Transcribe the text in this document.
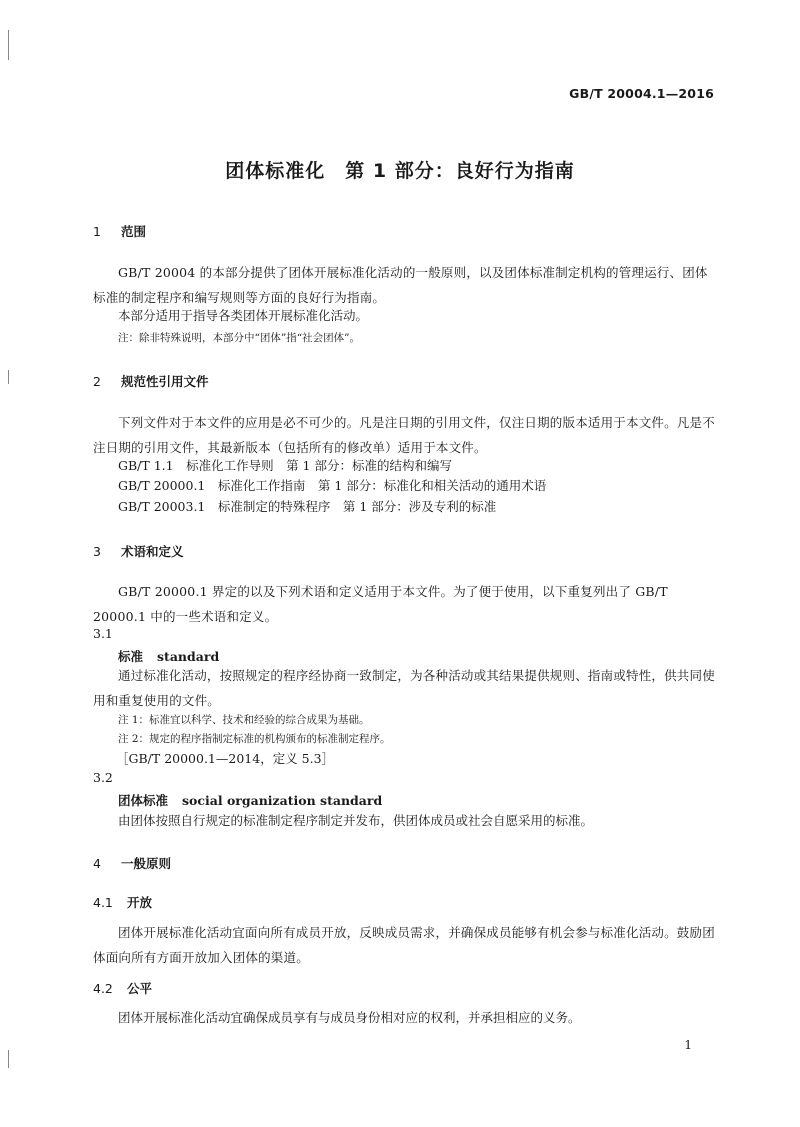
GB/T 20004.1—2016
团体标准化　第 1 部分：良好行为指南
1 范围
GB/T 20004 的本部分提供了团体开展标准化活动的一般原则，以及团体标准制定机构的管理运行、团体标准的制定程序和编写规则等方面的良好行为指南。
本部分适用于指导各类团体开展标准化活动。
注：除非特殊说明，本部分中“团体”指“社会团体”。
2 规范性引用文件
下列文件对于本文件的应用是必不可少的。凡是注日期的引用文件，仅注日期的版本适用于本文件。凡是不注日期的引用文件，其最新版本（包括所有的修改单）适用于本文件。
GB/T 1.1　标准化工作导则　第 1 部分：标准的结构和编写
GB/T 20000.1　标准化工作指南　第 1 部分：标准化和相关活动的通用术语
GB/T 20003.1　标准制定的特殊程序　第 1 部分：涉及专利的标准
3 术语和定义
GB/T 20000.1 界定的以及下列术语和定义适用于本文件。为了便于使用，以下重复列出了 GB/T 20000.1 中的一些术语和定义。
3.1
标准 standard
通过标准化活动，按照规定的程序经协商一致制定，为各种活动或其结果提供规则、指南或特性，供共同使用和重复使用的文件。
注 1：标准宜以科学、技术和经验的综合成果为基础。
注 2：规定的程序指制定标准的机构颁布的标准制定程序。
［GB/T 20000.1—2014，定义 5.3］
3.2
团体标准 social organization standard
由团体按照自行规定的标准制定程序制定并发布，供团体成员或社会自愿采用的标准。
4 一般原则
4.1 开放
团体开展标准化活动宜面向所有成员开放，反映成员需求，并确保成员能够有机会参与标准化活动。鼓励团体面向所有方面开放加入团体的渠道。
4.2 公平
团体开展标准化活动宜确保成员享有与成员身份相对应的权利，并承担相应的义务。
1
